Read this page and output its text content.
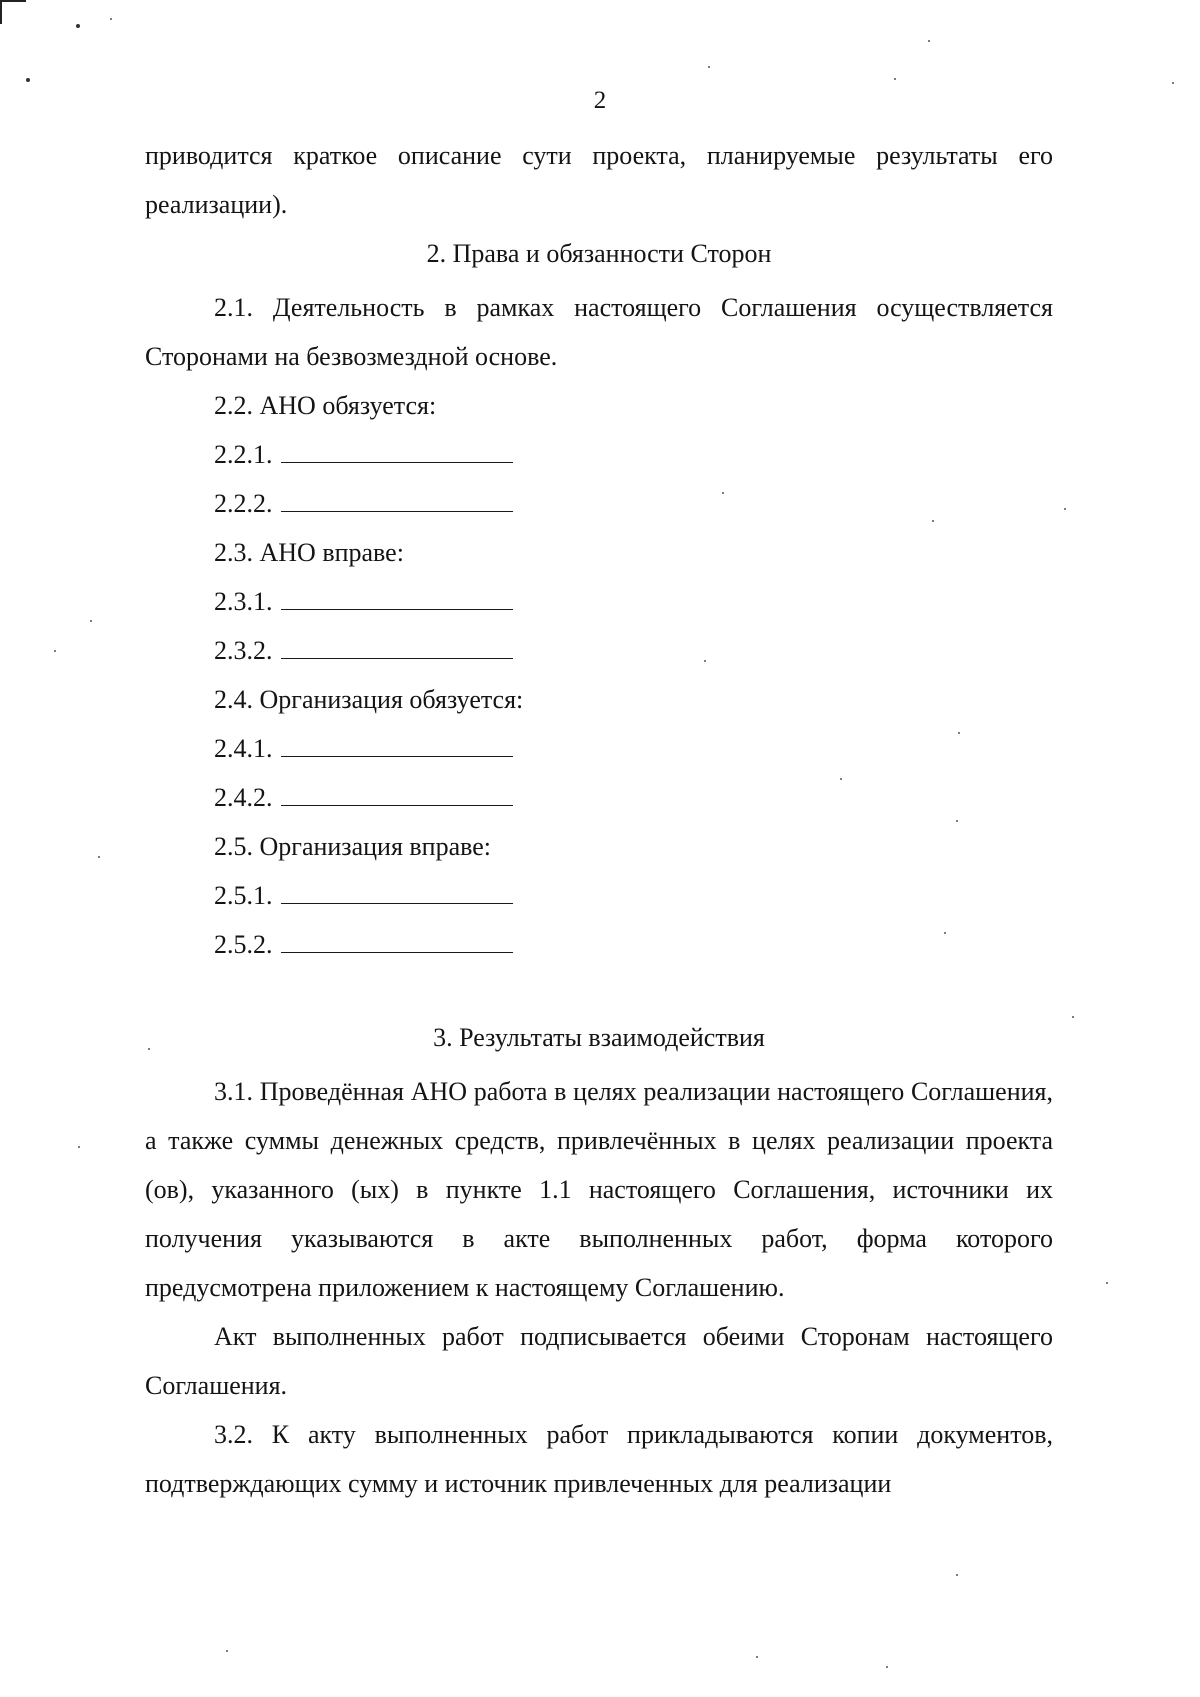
2

приводится краткое описание сути проекта, планируемые результаты его реализации).

2. Права и обязанности Сторон

2.1. Деятельность в рамках настоящего Соглашения осуществляется Сторонами на безвозмездной основе.

2.2. АНО обязуется:

2.2.1.

2.2.2.

2.3. АНО вправе:

2.3.1.

2.3.2.

2.4. Организация обязуется:

2.4.1.

2.4.2.

2.5. Организация вправе:

2.5.1.

2.5.2.

3. Результаты взаимодействия

3.1. Проведённая АНО работа в целях реализации настоящего Соглашения, а также суммы денежных средств, привлечённых в целях реализации проекта (ов), указанного (ых) в пункте 1.1 настоящего Соглашения, источники их получения указываются в акте выполненных работ, форма которого предусмотрена приложением к настоящему Соглашению.

Акт выполненных работ подписывается обеими Сторонам настоящего Соглашения.

3.2. К акту выполненных работ прикладываются копии документов, подтверждающих сумму и источник привлеченных для реализации
